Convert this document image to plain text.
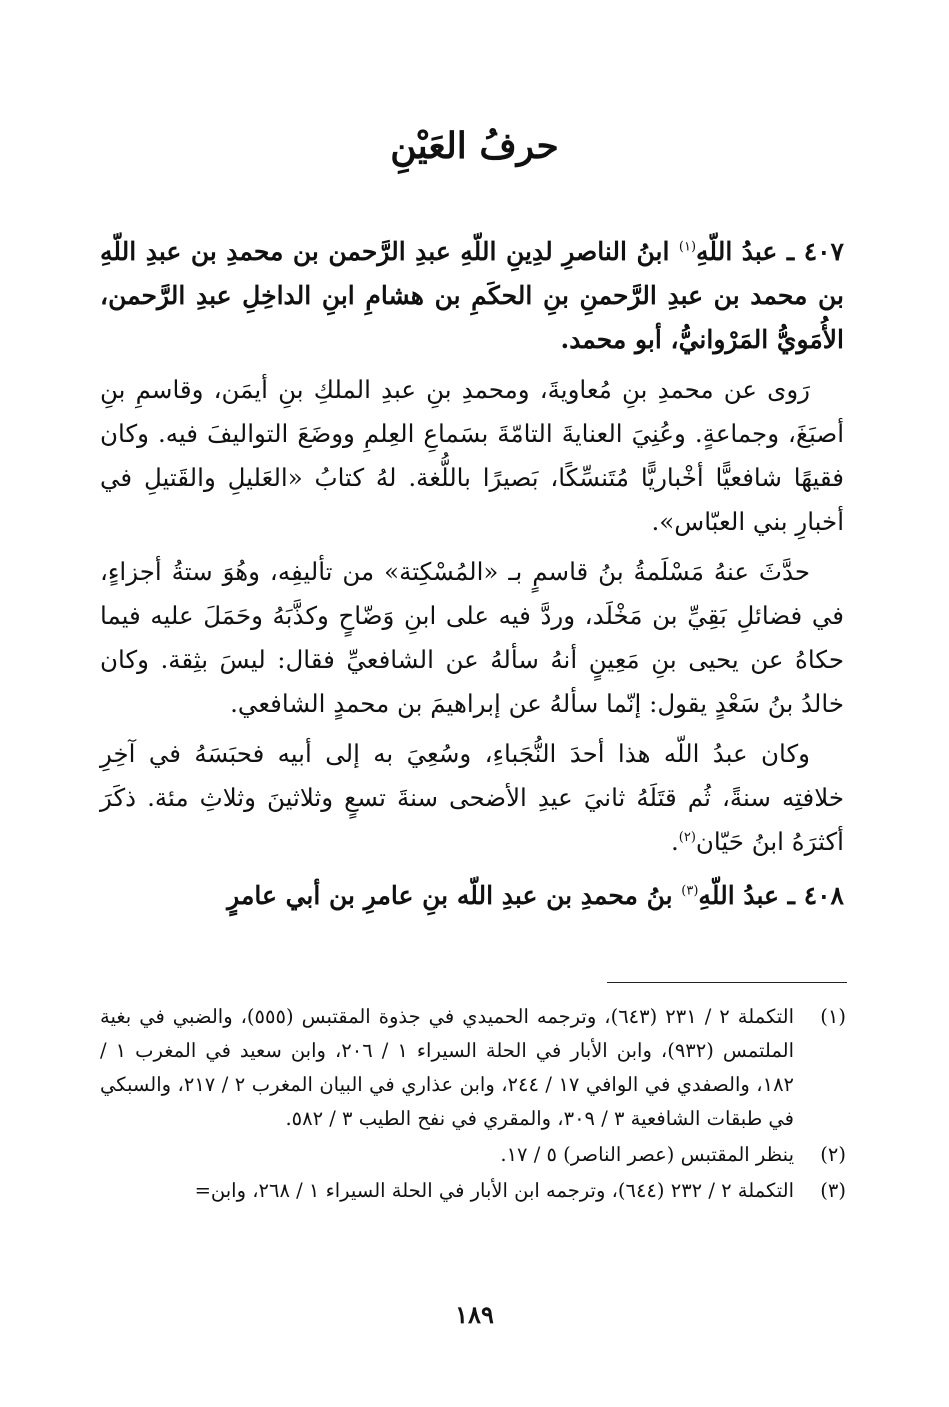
حرفُ العَيْنِ

٤٠٧ ـ عبدُ اللّهِ$^{(١)}$ ابنُ الناصرِ لدِينِ اللّهِ عبدِ الرَّحمن بن محمدِ بن عبدِ اللّهِ بن محمد بن عبدِ الرَّحمنِ بنِ الحكَمِ بن هشامِ ابنِ الداخِلِ عبدِ الرَّحمن، الأُمَويُّ المَرْوانيُّ، أبو محمد.

رَوى عن محمدِ بنِ مُعاويةَ، ومحمدِ بنِ عبدِ الملكِ بنِ أيمَن، وقاسمِ بنِ أصبَغَ، وجماعةٍ. وعُنِيَ العنايةَ التامّةَ بسَماعِ العِلمِ ووضَعَ التواليفَ فيه. وكان فقيهًا شافعيًّا أخْباريًّا مُتَنسِّكًا، بَصيرًا باللُّغة. لهُ كتابُ «العَليلِ والقَتيلِ في أخبارِ بني العبّاس».

حدَّثَ عنهُ مَسْلَمةُ بنُ قاسمٍ بـ «المُسْكِتة» من تأليفِه، وهُوَ ستةُ أجزاءٍ، في فضائلِ بَقِيِّ بن مَخْلَد، وردَّ فيه على ابنِ وَضّاحٍ وكذَّبَهُ وحَمَلَ عليه فيما حكاهُ عن يحيى بنِ مَعِينٍ أنهُ سألهُ عن الشافعيِّ فقال: ليسَ بثِقة. وكان خالدُ بنُ سَعْدٍ يقول: إنّما سألهُ عن إبراهيمَ بن محمدٍ الشافعي.

وكان عبدُ اللّه هذا أحدَ النُّجَباءِ، وسُعِيَ به إلى أبيه فحبَسَهُ في آخِرِ خلافتِه سنةً، ثُم قتَلَهُ ثانيَ عيدِ الأضحى سنةَ تسعٍ وثلاثينَ وثلاثِ مئة. ذكَرَ أكثرَهُ ابنُ حَيّان$^{(٢)}$.

٤٠٨ ـ عبدُ اللّهِ$^{(٣)}$ بنُ محمدِ بن عبدِ اللّه بنِ عامرِ بن أبي عامرٍ

(١)
التكملة ٢ / ٢٣١ (٦٤٣)، وترجمه الحميدي في جذوة المقتبس (٥٥٥)، والضبي في بغية الملتمس (٩٣٢)، وابن الأبار في الحلة السيراء ١ / ٢٠٦، وابن سعيد في المغرب ١ / ١٨٢، والصفدي في الوافي ١٧ / ٢٤٤، وابن عذاري في البيان المغرب ٢ / ٢١٧، والسبكي في طبقات الشافعية ٣ / ٣٠٩، والمقري في نفح الطيب ٣ / ٥٨٢.
(٢)
ينظر المقتبس (عصر الناصر) ٥ / ١٧.
(٣)
التكملة ٢ / ٢٣٢ (٦٤٤)، وترجمه ابن الأبار في الحلة السيراء ١ / ٢٦٨، وابن=
١٨٩
